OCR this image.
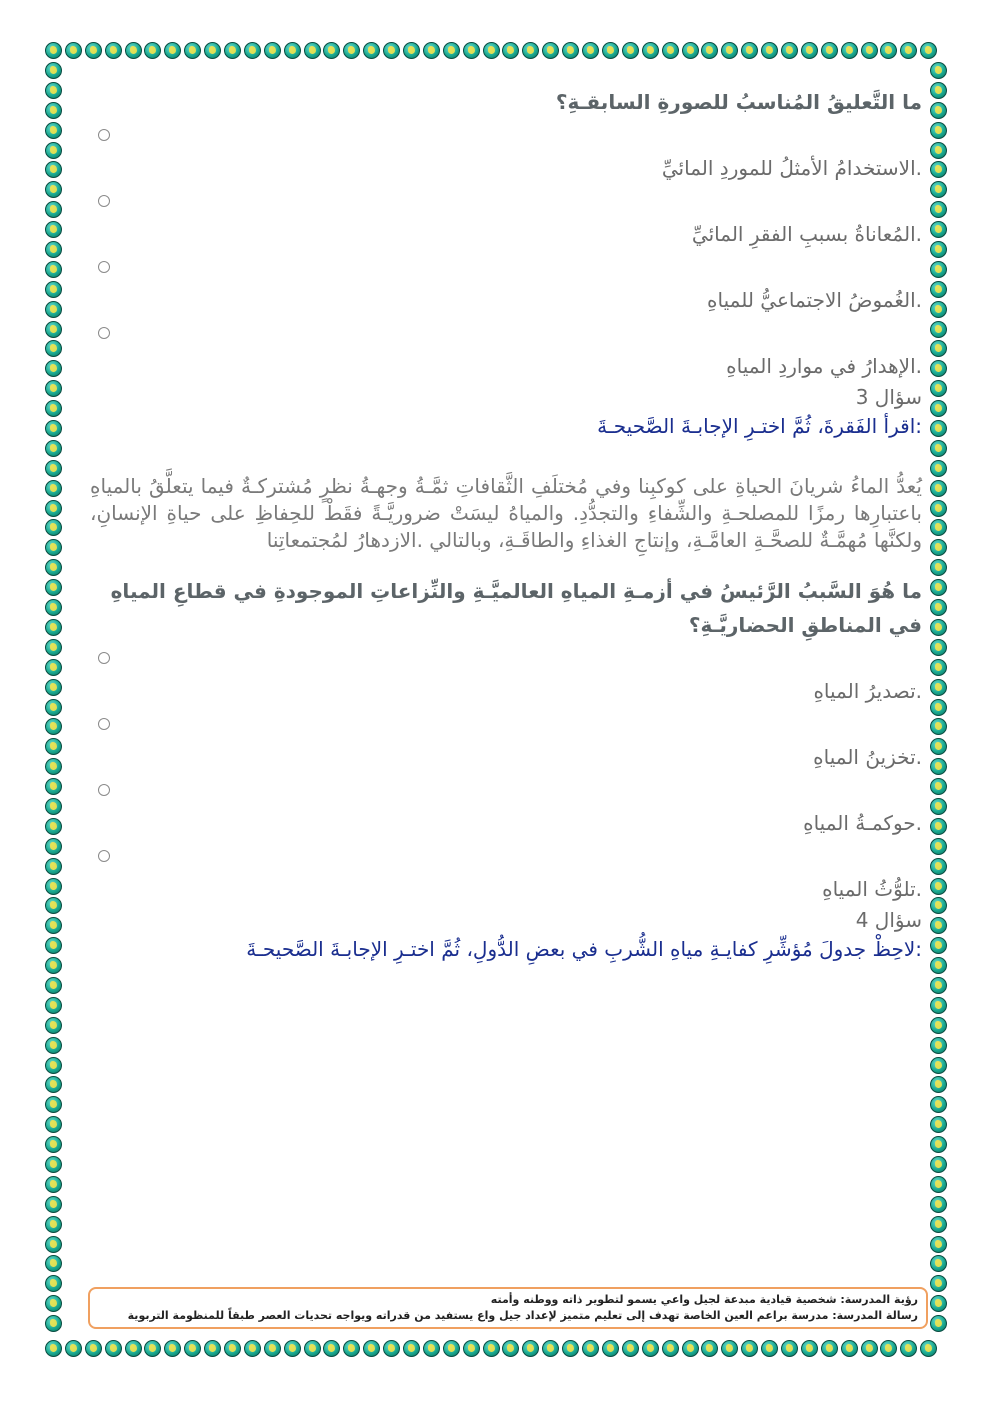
ما التَّعليقُ المُناسبُ للصورةِ السابقـةِ؟

.الاستخدامُ الأمثلُ للموردِ المائيِّ
.المُعاناةُ بسببِ الفقرِ المائيِّ
.الغُموضُ الاجتماعيُّ للمياهِ
.الإهدارُ في مواردِ المياهِ
سؤال 3
:اقرأ الفَقرةَ، ثُمَّ اختـرِ الإجابـةَ الصَّحيحـةَ
يُعدُّ الماءُ شريانَ الحياةِ على كوكبِنا وفي مُختلَفِ الثَّقافاتِ ثمَّـةُ وجهـةُ نظرٍ مُشتركـةٌ فيما يتعلَّقُ بالمياهِ باعتبارِها رمزًا للمصلحـةِ والشِّفاءِ والتجدُّدِ. والمياهُ ليسَتْ ضروريَّـةً فقَطْ للحِفاظِ على حياةِ الإنسانِ، ولكنَّها مُهمَّـةٌ للصحَّـةِ العامَّـةِ، وإنتاجِ الغذاءِ والطاقَـةِ، وبالتالي .الازدهارُ لمُجتمعاتِنا

ما هُوَ السَّببُ الرَّئيسُ في أزمـةِ المياهِ العالميَّـةِ والنِّزاعاتِ الموجودةِ في قطاعِ المياهِ في المناطقِ الحضاريَّـةِ؟

.تصديرُ المياهِ
.تخزينُ المياهِ
.حوكمـةُ المياهِ
.تلوُّثُ المياهِ
سؤال 4
:لاحِظْ جدولَ مُؤشِّرِ كفايـةِ مياهِ الشُّربِ في بعضِ الدُّولِ، ثُمَّ اختـرِ الإجابـةَ الصَّحيحـةَ
رؤية المدرسة: شخصية قيادية مبدعة لجيل واعي يسمو لتطوير ذاته ووطنه وأمته
رسالة المدرسة: مدرسة براعم العين الخاصة تهدف إلى تعليم متميز لإعداد جيل واع يستفيد من قدراته ويواجه تحديات العصر طبقاً للمنظومة التربوية
